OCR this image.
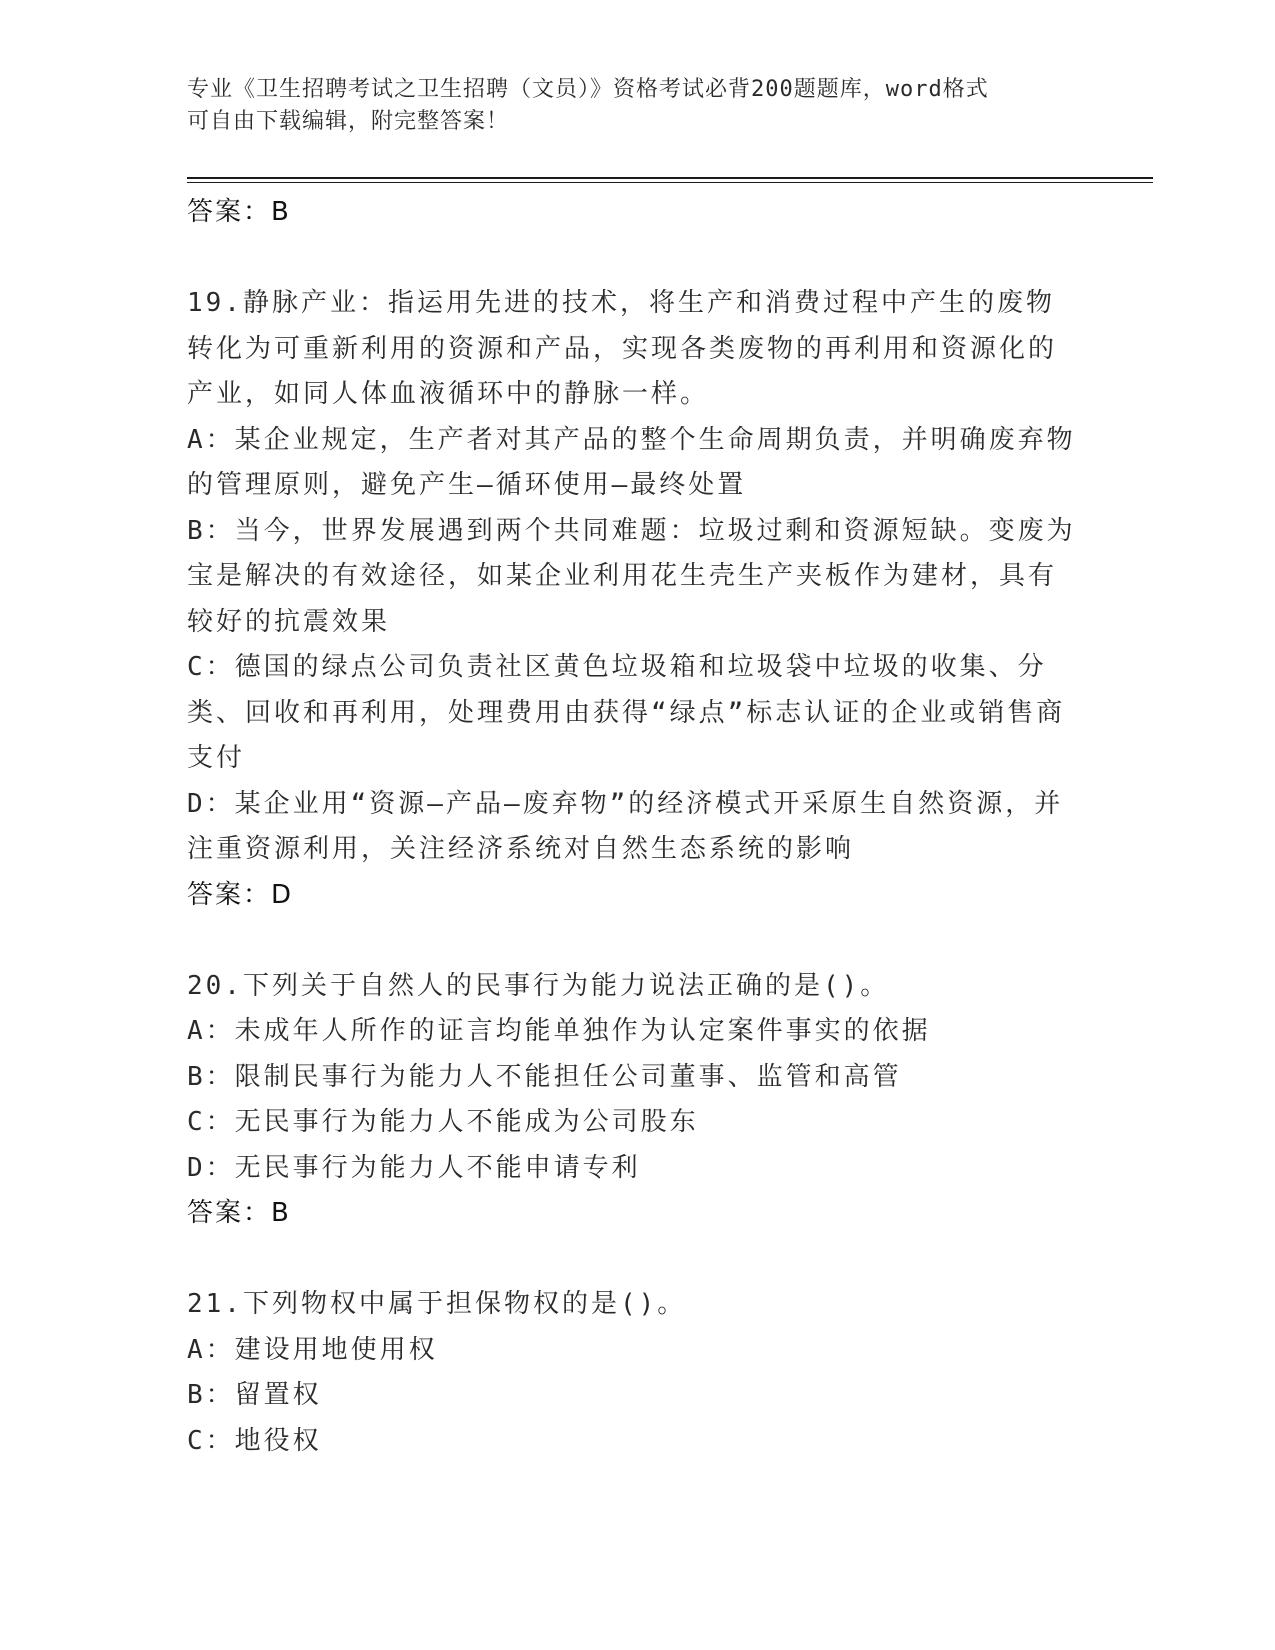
专业《卫生招聘考试之卫生招聘（文员）》资格考试必背200题题库，word格式
可自由下载编辑，附完整答案！

答案：B

19.静脉产业：指运用先进的技术，将生产和消费过程中产生的废物转化为可重新利用的资源和产品，实现各类废物的再利用和资源化的产业，如同人体血液循环中的静脉一样。

A：某企业规定，生产者对其产品的整个生命周期负责，并明确废弃物的管理原则，避免产生—循环使用—最终处置

B：当今，世界发展遇到两个共同难题：垃圾过剩和资源短缺。变废为宝是解决的有效途径，如某企业利用花生壳生产夹板作为建材，具有较好的抗震效果

C：德国的绿点公司负责社区黄色垃圾箱和垃圾袋中垃圾的收集、分类、回收和再利用，处理费用由获得“绿点”标志认证的企业或销售商支付

D：某企业用“资源—产品—废弃物”的经济模式开采原生自然资源，并注重资源利用，关注经济系统对自然生态系统的影响

答案：D

20.下列关于自然人的民事行为能力说法正确的是()。

A：未成年人所作的证言均能单独作为认定案件事实的依据

B：限制民事行为能力人不能担任公司董事、监管和高管

C：无民事行为能力人不能成为公司股东

D：无民事行为能力人不能申请专利

答案：B

21.下列物权中属于担保物权的是()。

A：建设用地使用权

B：留置权

C：地役权
